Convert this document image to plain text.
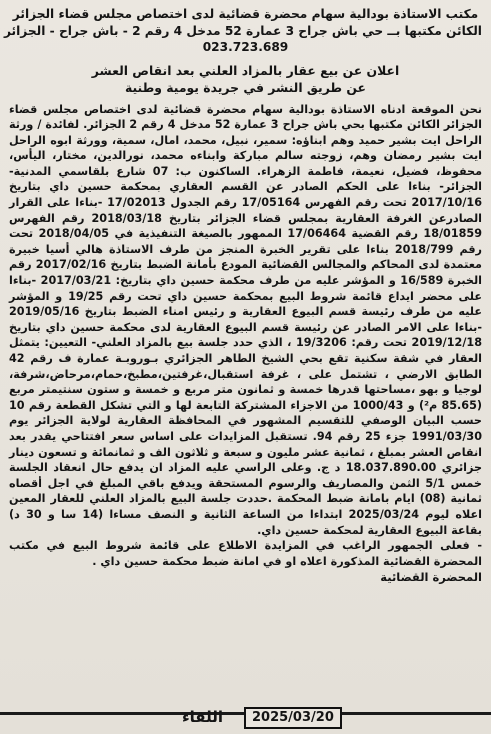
مكتب الاستاذة بودالية سهام محضرة قضائية لدى اختصاص مجلس قضاء الجزائر
الكائن مكتبها بــ حي باش جراح 3 عمارة 52 مدخل 4 رقم 2 - باش جراح - الجزائر
023.723.689
اعلان عن بيع عقار بالمزاد العلني بعد انقاص العشر
عن طريق النشر في جريدة يومية وطنية

نحن الموقعة ادناه الاستاذة بودالية سهام محضرة قضائية لدى اختصاص مجلس قضاء الجزائر الكائن مكتبها بحي باش جراح 3 عمارة 52 مدخل 4 رقم 2 الجزائر. لفائدة / ورثة الراحل ايت بشير حميد وهم ابناؤه: سمير، نبيل، محمد، امال، سمية، وورثة ابوه الراحل ايت بشير رمضان وهم، زوجته سالم مباركة وابناءه محمد، نورالدين، مختار، اليأس، محفوظ، فضيل، نعيمة، فاطمة الزهراء. الساكنون ب: 07 شارع بلقاسمي المدنية- الجزائر- بناءا على الحكم الصادر عن القسم العقاري بمحكمة حسين داي بتاريخ 2017/10/16 تحت رقم الفهرس 17/05164 رقم الجدول 17/02013 -بناءا على القرار الصادرعن الغرفة العقارية بمجلس قضاء الجزائر بتاريخ 2018/03/18 رقم الفهرس 18/01859 رقم القضية 17/06464 الممهور بالصيغة التنفيذية في 2018/04/05 تحت رقم 2018/799 بناءا على تقرير الخبرة المنجز من طرف الاستاذة هالي أسيا خبيرة معتمدة لدى المحاكم والمجالس القضائية المودع بأمانة الضبط بتاريخ 2017/02/16 رقم الخبرة 16/589 و المؤشر عليه من طرف محكمة حسين داي بتاريخ: 2017/03/21 -بناءا على محضر ايداع قائمة شروط البيع بمحكمة حسين داي تحت رقم 19/25 و المؤشر عليه من طرف رئيسة قسم البيوع العقارية و رئيس امناء الضبط بتاريخ 2019/05/16 -بناءا على الامر الصادر عن رئيسة قسم البيوع العقارية لدى محكمة حسين داي بتاريخ 2019/12/18 تحت رقم: 19/3206 ، الذي حدد جلسة بيع بالمزاد العلني- التعيين: يتمثل العقار في شقة سكنية تقع بحي الشيخ الطاهر الجزائري بـوروبـة عمارة ف رقم 42 الطابق الارضي ، تشتمل على ، غرفة استقبال،غرفتين،مطبخ،حمام،مرحاض،شرفة، لوجيا و بهو ،مساحتها قدرها خمسة و ثمانون متر مربع و خمسة و ستون سنتيمتر مربع (85.65 م²) و 1000/43 من الاجزاء المشتركة التابعة لها و التي تشكل القطعة رقم 10 حسب البيان الوصفي للتقسيم المشهور في المحافظة العقارية لولاية الجزائر يوم 1991/03/30 جزء 25 رقم 94. تستقبل المزايدات على اساس سعر افتتاحي يقدر بعد انقاص العشر بمبلغ ، ثمانية عشر مليون و سبعة و ثلاثون الف و ثمانمائة و تسعون دينار جزائري 18.037.890.00 د ج. وعلى الراسي عليه المزاد ان يدفع حال انعقاد الجلسة خمس 5/1 الثمن والمصاريف والرسوم المستحقة ويدفع باقي المبلغ في اجل أقصاه ثمانية (08) ايام بامانة ضبط المحكمة .حددت جلسة البيع بالمزاد العلني للعقار المعين اعلاه ليوم 2025/03/24 ابتداءا من الساعة الثانية و النصف مساءا (14 سا و 30 د) بقاعة البيوع العقارية لمحكمة حسين داي.

- فعلى الجمهور الراغب في المزايدة الاطلاع على قائمة شروط البيع في مكتب المحضرة القضائية المذكورة اعلاه او في امانة ضبط محكمة حسين داي .

المحضرة القضائية
اللقاء	2025/03/20
